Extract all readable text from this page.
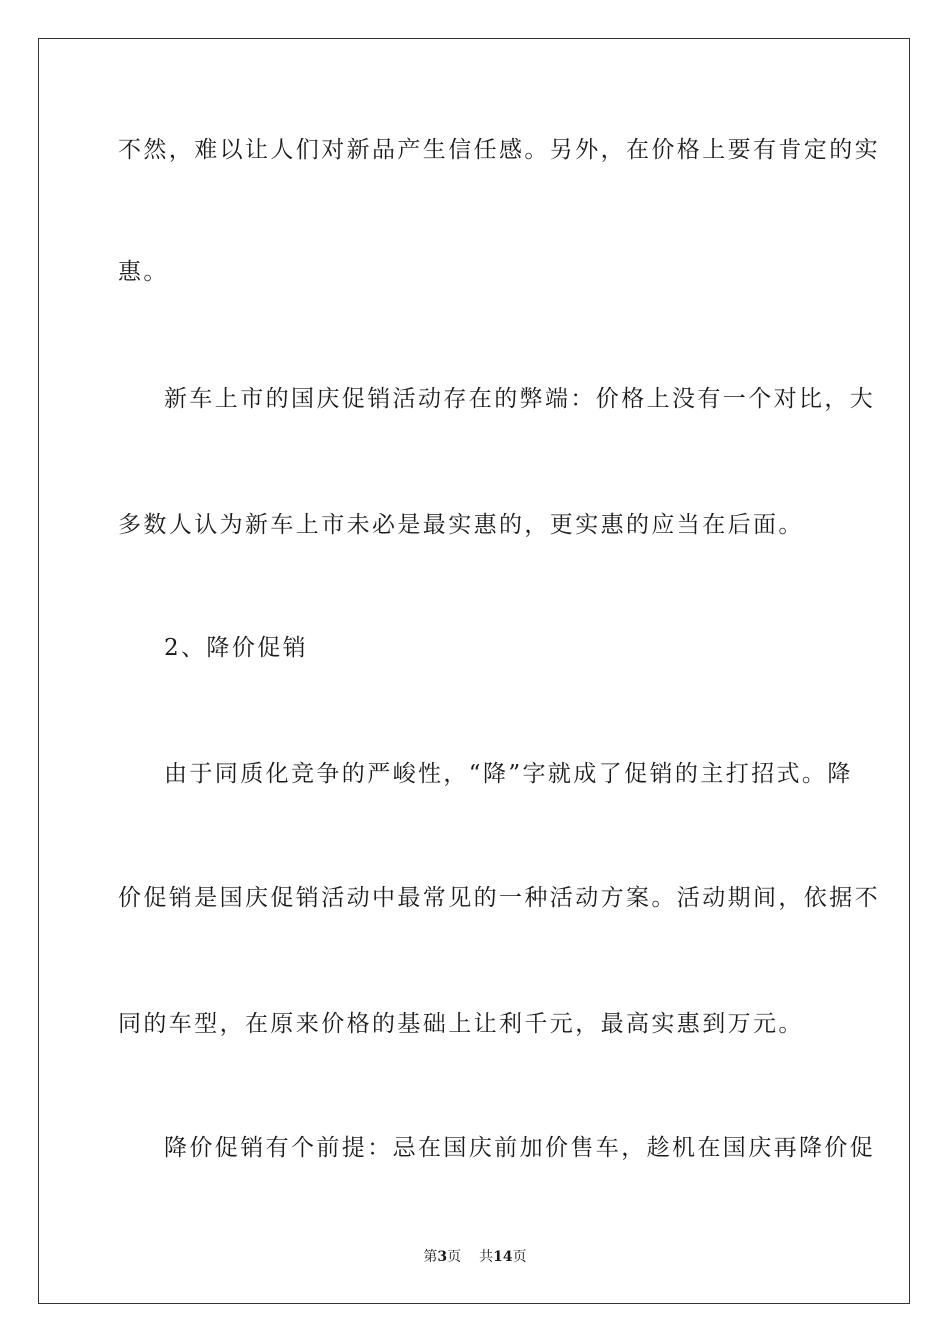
不然，难以让人们对新品产生信任感。另外，在价格上要有肯定的实
惠。
新车上市的国庆促销活动存在的弊端：价格上没有一个对比，大
多数人认为新车上市未必是最实惠的，更实惠的应当在后面。
2、降价促销
由于同质化竞争的严峻性，“降”字就成了促销的主打招式。降
价促销是国庆促销活动中最常见的一种活动方案。活动期间，依据不
同的车型，在原来价格的基础上让利千元，最高实惠到万元。
降价促销有个前提：忌在国庆前加价售车，趁机在国庆再降价促
第3页 共14页
